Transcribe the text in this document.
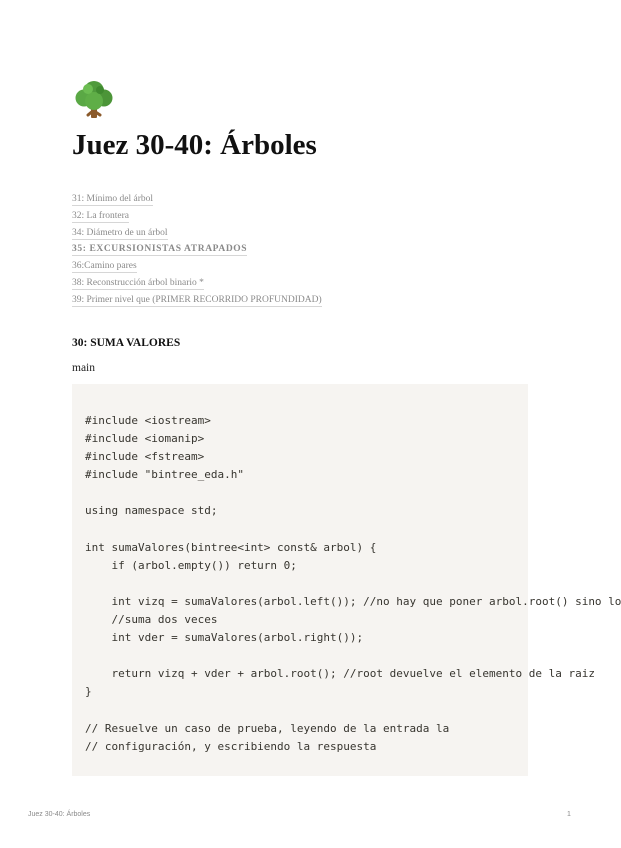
Juez 30-40: Árboles
31: Mínimo del árbol
32: La frontera
34: Diámetro de un árbol
35: EXCURSIONISTAS ATRAPADOS
36:Camino pares
38: Reconstrucción árbol binario *
39: Primer nivel que (PRIMER RECORRIDO PROFUNDIDAD)
30: SUMA VALORES

main

#include <iostream>
#include <iomanip>
#include <fstream>
#include "bintree_eda.h"

using namespace std;

int sumaValores(bintree<int> const& arbol) {
if (arbol.empty()) return 0;

int vizq = sumaValores(arbol.left()); //no hay que poner arbol.root() sino lo
//suma dos veces
int vder = sumaValores(arbol.right());

return vizq + vder + arbol.root(); //root devuelve el elemento de la raiz
}

// Resuelve un caso de prueba, leyendo de la entrada la
// configuración, y escribiendo la respuesta
Juez 30-40: Árboles	1
